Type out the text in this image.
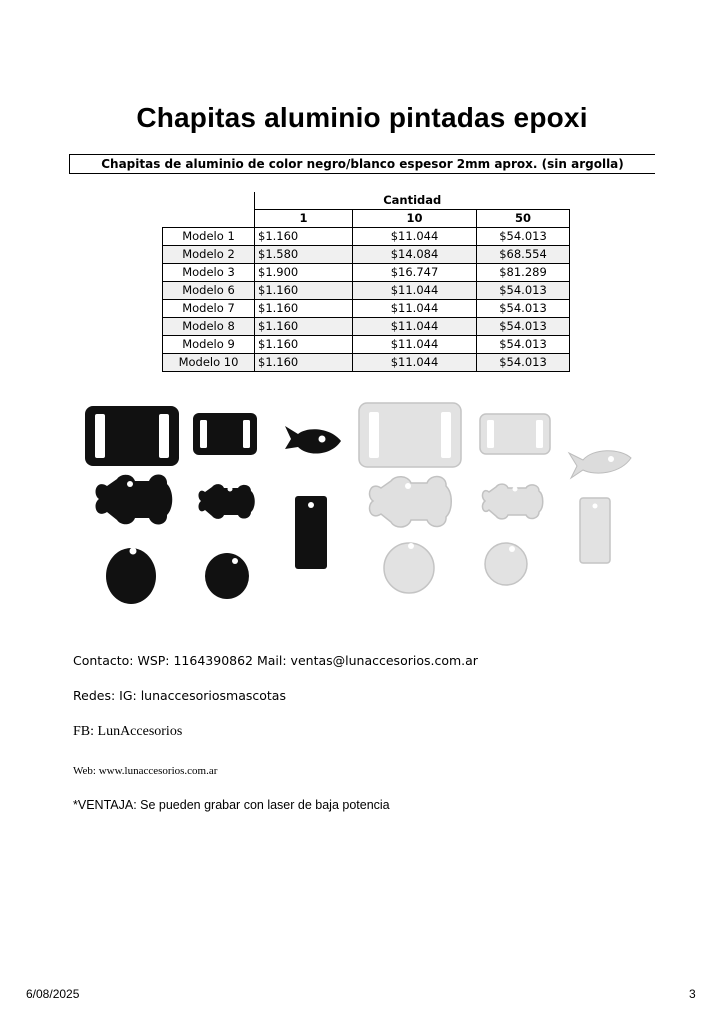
Chapitas aluminio pintadas epoxi
Chapitas de aluminio de color negro/blanco espesor 2mm aprox. (sin argolla)
	Cantidad		
	1	10	50
Modelo 1	$1.160	$11.044	$54.013
Modelo 2	$1.580	$14.084	$68.554
Modelo 3	$1.900	$16.747	$81.289
Modelo 6	$1.160	$11.044	$54.013
Modelo 7	$1.160	$11.044	$54.013
Modelo 8	$1.160	$11.044	$54.013
Modelo 9	$1.160	$11.044	$54.013
Modelo 10	$1.160	$11.044	$54.013
Contacto: WSP: 1164390862 Mail: ventas@lunaccesorios.com.ar
Redes: IG: lunaccesoriosmascotas
FB: LunAccesorios
Web: www.lunaccesorios.com.ar
*VENTAJA: Se pueden grabar con laser de baja potencia
6/08/2025	3
